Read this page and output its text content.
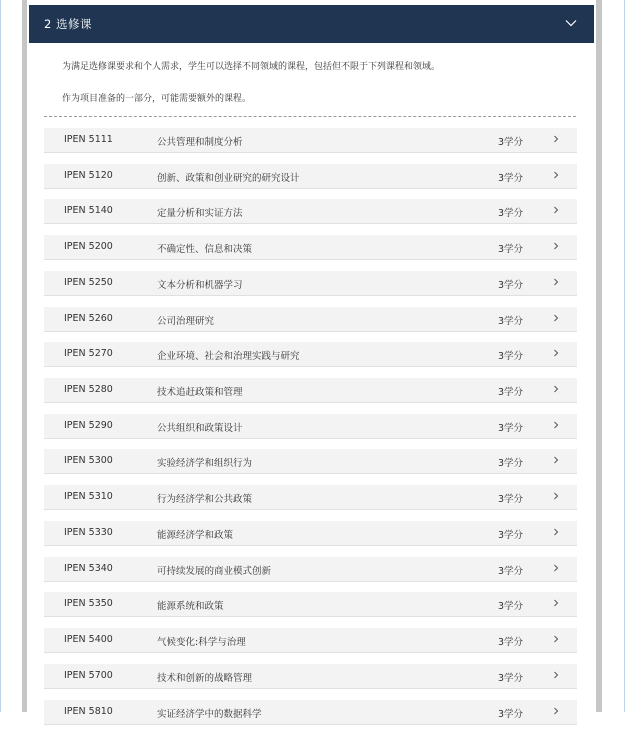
2 选修课
为满足选修课要求和个人需求，学生可以选择不同领域的课程，包括但不限于下列课程和领域。
作为项目准备的一部分，可能需要额外的课程。
IPEN 5111	公共管理和制度分析	3学分
IPEN 5120	创新、政策和创业研究的研究设计	3学分
IPEN 5140	定量分析和实证方法	3学分
IPEN 5200	不确定性、信息和决策	3学分
IPEN 5250	文本分析和机器学习	3学分
IPEN 5260	公司治理研究	3学分
IPEN 5270	企业环境、社会和治理实践与研究	3学分
IPEN 5280	技术追赶政策和管理	3学分
IPEN 5290	公共组织和政策设计	3学分
IPEN 5300	实验经济学和组织行为	3学分
IPEN 5310	行为经济学和公共政策	3学分
IPEN 5330	能源经济学和政策	3学分
IPEN 5340	可持续发展的商业模式创新	3学分
IPEN 5350	能源系统和政策	3学分
IPEN 5400	气候变化:科学与治理	3学分
IPEN 5700	技术和创新的战略管理	3学分
IPEN 5810	实证经济学中的数据科学	3学分
